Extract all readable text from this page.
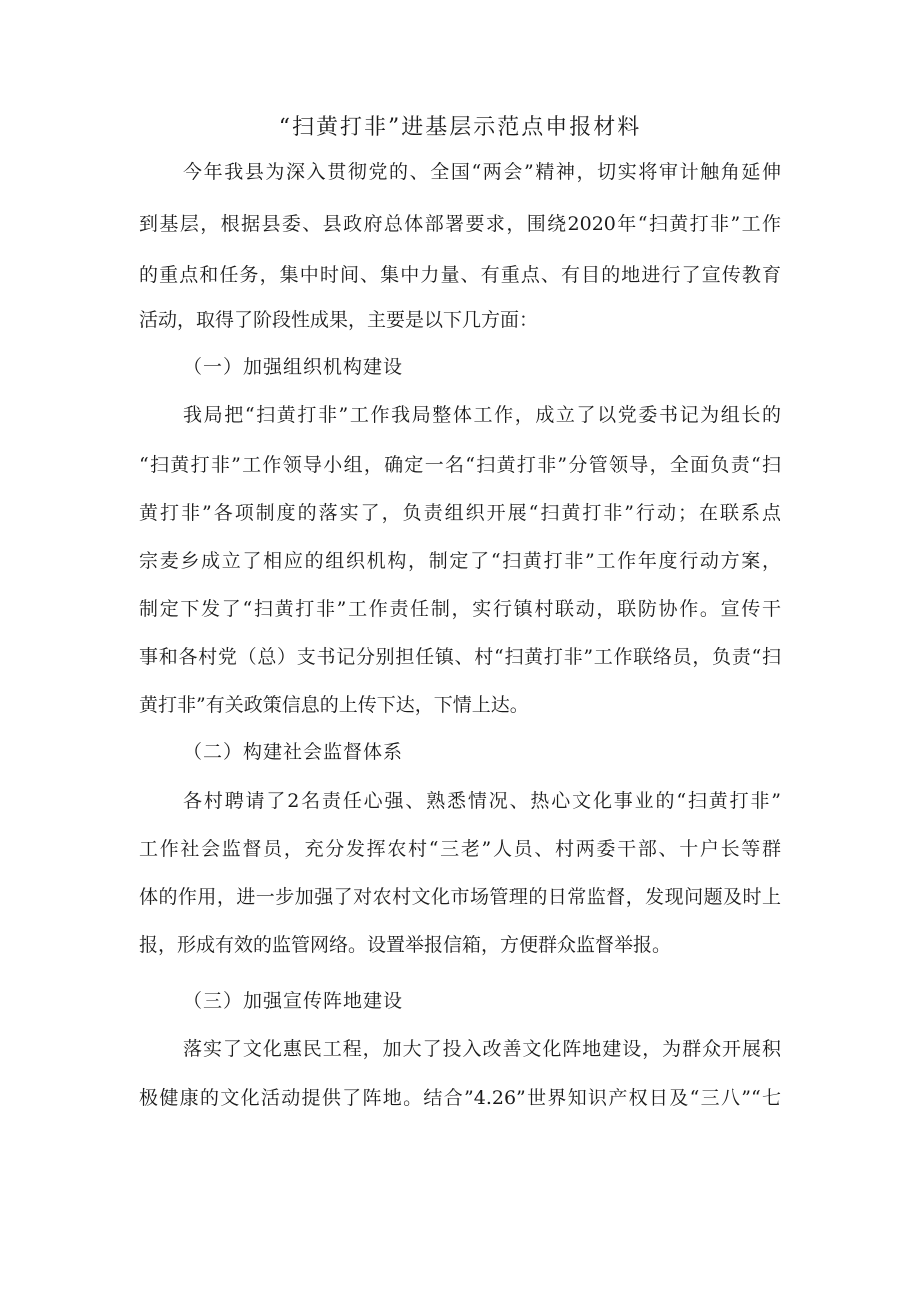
“扫黄打非”进基层示范点申报材料
今年我县为深入贯彻党的、全国“两会”精神，切实将审计触角延伸
到基层，根据县委、县政府总体部署要求，围绕2020年“扫黄打非”工作
的重点和任务，集中时间、集中力量、有重点、有目的地进行了宣传教育
活动，取得了阶段性成果，主要是以下几方面：
（一）加强组织机构建设
我局把“扫黄打非”工作我局整体工作，成立了以党委书记为组长的
“扫黄打非”工作领导小组，确定一名“扫黄打非”分管领导，全面负责“扫
黄打非”各项制度的落实了，负责组织开展“扫黄打非”行动；在联系点
宗麦乡成立了相应的组织机构，制定了“扫黄打非”工作年度行动方案，
制定下发了“扫黄打非”工作责任制，实行镇村联动，联防协作。宣传干
事和各村党（总）支书记分别担任镇、村“扫黄打非”工作联络员，负责“扫
黄打非”有关政策信息的上传下达，下情上达。
（二）构建社会监督体系
各村聘请了2名责任心强、熟悉情况、热心文化事业的“扫黄打非”
工作社会监督员，充分发挥农村“三老”人员、村两委干部、十户长等群
体的作用，进一步加强了对农村文化市场管理的日常监督，发现问题及时上
报，形成有效的监管网络。设置举报信箱，方便群众监督举报。
（三）加强宣传阵地建设
落实了文化惠民工程，加大了投入改善文化阵地建设，为群众开展积
极健康的文化活动提供了阵地。结合”4.26”世界知识产权日及“三八”“七
